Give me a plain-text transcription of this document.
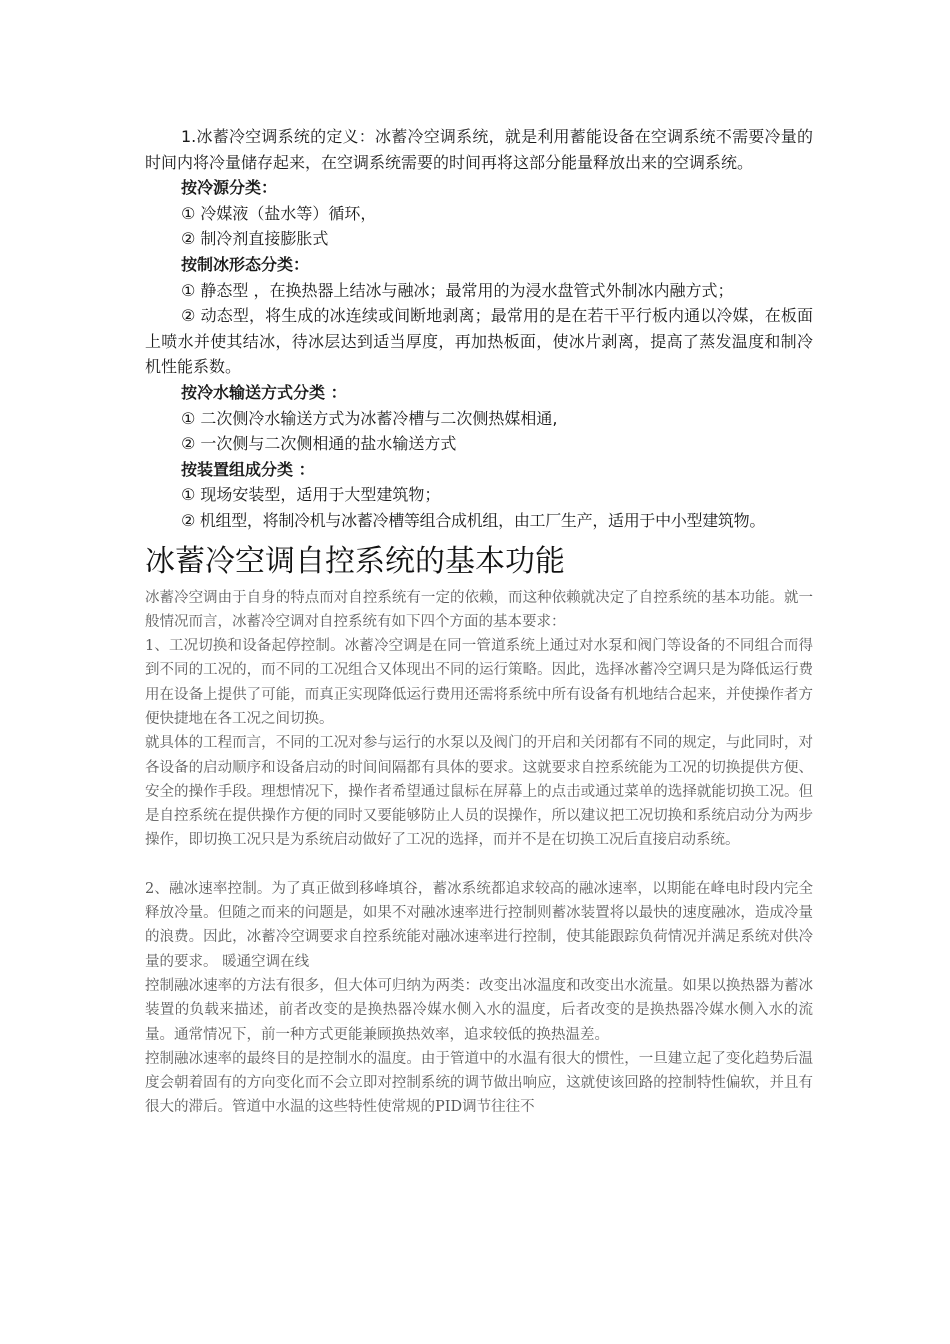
1.冰蓄冷空调系统的定义：冰蓄冷空调系统，就是利用蓄能设备在空调系统不需要冷量的时间内将冷量储存起来，在空调系统需要的时间再将这部分能量释放出来的空调系统。

按冷源分类：

① 冷媒液（盐水等）循环，

② 制冷剂直接膨胀式

按制冰形态分类：

① 静态型 ，在换热器上结冰与融冰；最常用的为浸水盘管式外制冰内融方式；

② 动态型，将生成的冰连续或间断地剥离；最常用的是在若干平行板内通以冷媒，在板面上喷水并使其结冰，待冰层达到适当厚度，再加热板面，使冰片剥离，提高了蒸发温度和制冷机性能系数。

按冷水输送方式分类 ：

① 二次侧冷水输送方式为冰蓄冷槽与二次侧热媒相通,

② 一次侧与二次侧相通的盐水输送方式

按装置组成分类 ：

① 现场安装型，适用于大型建筑物；

② 机组型，将制冷机与冰蓄冷槽等组合成机组，由工厂生产，适用于中小型建筑物。

冰蓄冷空调自控系统的基本功能

冰蓄冷空调由于自身的特点而对自控系统有一定的依赖，而这种依赖就决定了自控系统的基本功能。就一般情况而言，冰蓄冷空调对自控系统有如下四个方面的基本要求：

1、工况切换和设备起停控制。冰蓄冷空调是在同一管道系统上通过对水泵和阀门等设备的不同组合而得到不同的工况的，而不同的工况组合又体现出不同的运行策略。因此，选择冰蓄冷空调只是为降低运行费用在设备上提供了可能，而真正实现降低运行费用还需将系统中所有设备有机地结合起来，并使操作者方便快捷地在各工况之间切换。

就具体的工程而言，不同的工况对参与运行的水泵以及阀门的开启和关闭都有不同的规定，与此同时，对各设备的启动顺序和设备启动的时间间隔都有具体的要求。这就要求自控系统能为工况的切换提供方便、安全的操作手段。理想情况下，操作者希望通过鼠标在屏幕上的点击或通过菜单的选择就能切换工况。但是自控系统在提供操作方便的同时又要能够防止人员的误操作，所以建议把工况切换和系统启动分为两步操作，即切换工况只是为系统启动做好了工况的选择，而并不是在切换工况后直接启动系统。

2、融冰速率控制。为了真正做到移峰填谷，蓄冰系统都追求较高的融冰速率，以期能在峰电时段内完全释放冷量。但随之而来的问题是，如果不对融冰速率进行控制则蓄冰装置将以最快的速度融冰，造成冷量的浪费。因此，冰蓄冷空调要求自控系统能对融冰速率进行控制，使其能跟踪负荷情况并满足系统对供冷量的要求。 暖通空调在线

控制融冰速率的方法有很多，但大体可归纳为两类：改变出冰温度和改变出水流量。如果以换热器为蓄冰装置的负载来描述，前者改变的是换热器冷媒水侧入水的温度，后者改变的是换热器冷媒水侧入水的流量。通常情况下，前一种方式更能兼顾换热效率，追求较低的换热温差。

控制融冰速率的最终目的是控制水的温度。由于管道中的水温有很大的惯性，一旦建立起了变化趋势后温度会朝着固有的方向变化而不会立即对控制系统的调节做出响应，这就使该回路的控制特性偏软，并且有很大的滞后。管道中水温的这些特性使常规的PID调节往往不
